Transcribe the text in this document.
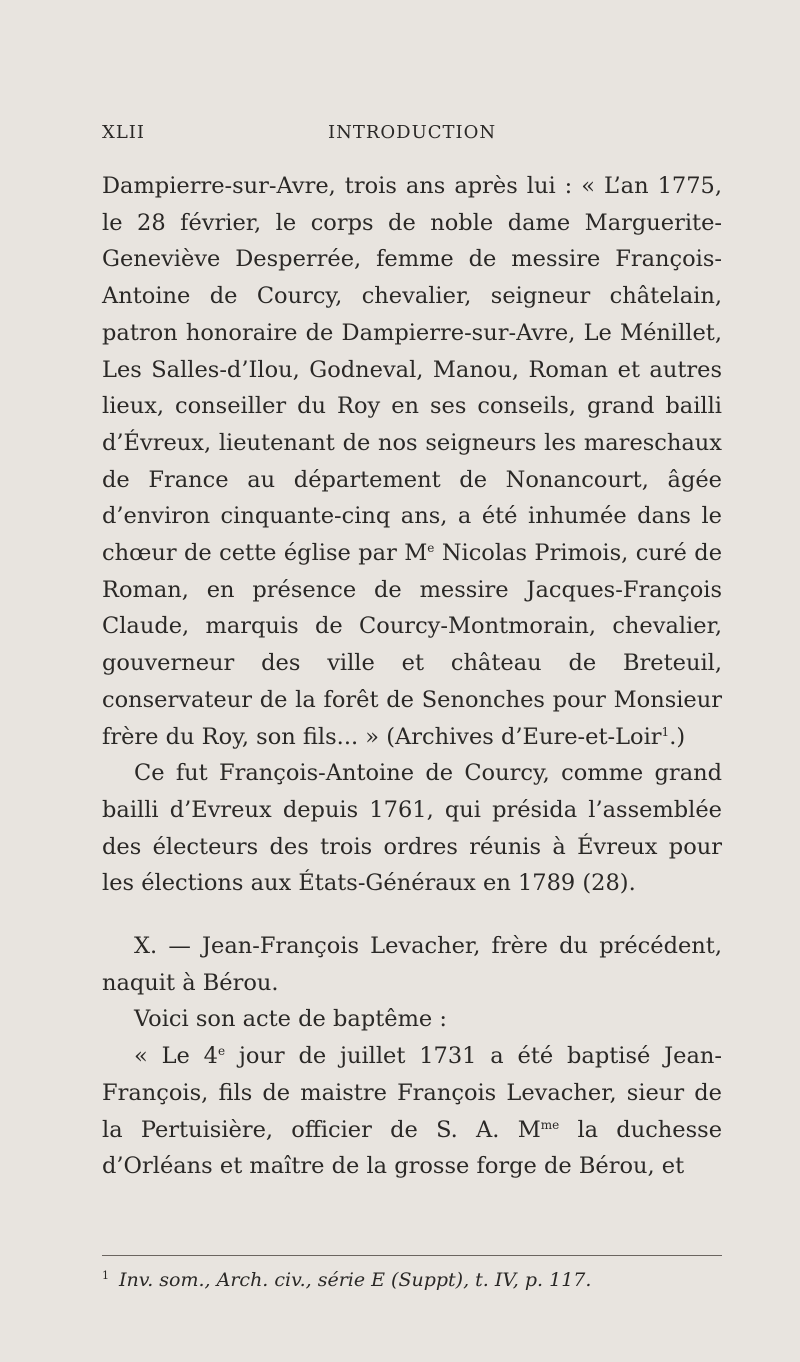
XLII	INTRODUCTION

Dampierre-sur-Avre, trois ans après lui : « L’an 1775, le 28 février, le corps de noble dame Marguerite-Geneviève Desperrée, femme de messire François-Antoine de Courcy, chevalier, seigneur châtelain, patron honoraire de Dampierre-sur-Avre, Le Ménillet, Les Salles-d’Ilou, Godneval, Manou, Roman et autres lieux, conseiller du Roy en ses conseils, grand bailli d’Évreux, lieutenant de nos seigneurs les mareschaux de France au département de Nonancourt, âgée d’environ cinquante-cinq ans, a été inhumée dans le chœur de cette église par Me Nicolas Primois, curé de Roman, en présence de messire Jacques-François Claude, marquis de Courcy-Montmorain, chevalier, gouverneur des ville et château de Breteuil, conservateur de la forêt de Senonches pour Monsieur frère du Roy, son fils... » (Archives d’Eure-et-Loir$^1$.)

Ce fut François-Antoine de Courcy, comme grand bailli d’Evreux depuis 1761, qui présida l’assemblée des électeurs des trois ordres réunis à Évreux pour les élections aux États-Généraux en 1789 (28).

X. — Jean-François Levacher, frère du précédent, naquit à Bérou.

Voici son acte de baptême :

« Le 4e jour de juillet 1731 a été baptisé Jean-François, fils de maistre François Levacher, sieur de la Pertuisière, officier de S. A. $M^{me}$ la duchesse d’Orléans et maître de la grosse forge de Bérou, et

$^1$ Inv. som., Arch. civ., série E (Suppt), t. IV, p. 117.
